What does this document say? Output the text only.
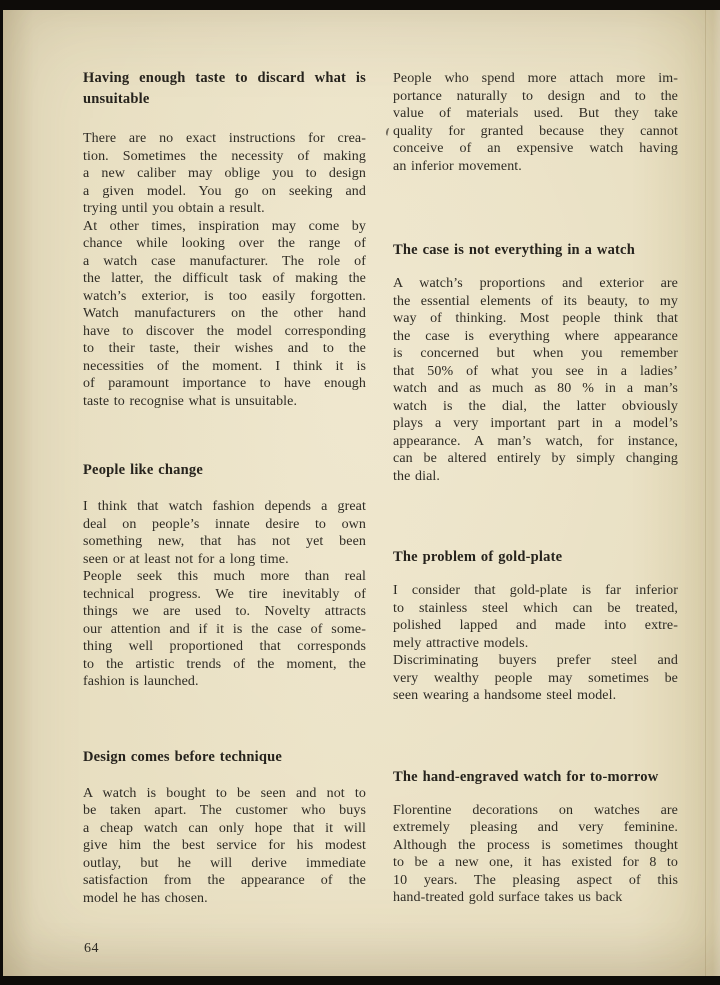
Having enough taste to discard what is
unsuitable
There are no exact instructions for crea-
tion. Sometimes the necessity of making
a new caliber may oblige you to design
a given model. You go on seeking and
trying until you obtain a result.
At other times, inspiration may come by
chance while looking over the range of
a watch case manufacturer. The role of
the latter, the difficult task of making the
watch’s exterior, is too easily forgotten.
Watch manufacturers on the other hand
have to discover the model corresponding
to their taste, their wishes and to the
necessities of the moment. I think it is
of paramount importance to have enough
taste to recognise what is unsuitable.
People like change
I think that watch fashion depends a great
deal on people’s innate desire to own
something new, that has not yet been
seen or at least not for a long time.
People seek this much more than real
technical progress. We tire inevitably of
things we are used to. Novelty attracts
our attention and if it is the case of some-
thing well proportioned that corresponds
to the artistic trends of the moment, the
fashion is launched.
Design comes before technique
A watch is bought to be seen and not to
be taken apart. The customer who buys
a cheap watch can only hope that it will
give him the best service for his modest
outlay, but he will derive immediate
satisfaction from the appearance of the
model he has chosen.
People who spend more attach more im-
portance naturally to design and to the
value of materials used. But they take
quality for granted because they cannot
conceive of an expensive watch having
an inferior movement.
The case is not everything in a watch
A watch’s proportions and exterior are
the essential elements of its beauty, to my
way of thinking. Most people think that
the case is everything where appearance
is concerned but when you remember
that 50% of what you see in a ladies’
watch and as much as 80 % in a man’s
watch is the dial, the latter obviously
plays a very important part in a model’s
appearance. A man’s watch, for instance,
can be altered entirely by simply changing
the dial.
The problem of gold-plate
I consider that gold-plate is far inferior
to stainless steel which can be treated,
polished lapped and made into extre-
mely attractive models.
Discriminating buyers prefer steel and
very wealthy people may sometimes be
seen wearing a handsome steel model.
The hand-engraved watch for to-morrow
Florentine decorations on watches are
extremely pleasing and very feminine.
Although the process is sometimes thought
to be a new one, it has existed for 8 to
10 years. The pleasing aspect of this
hand-treated gold surface takes us back
64
